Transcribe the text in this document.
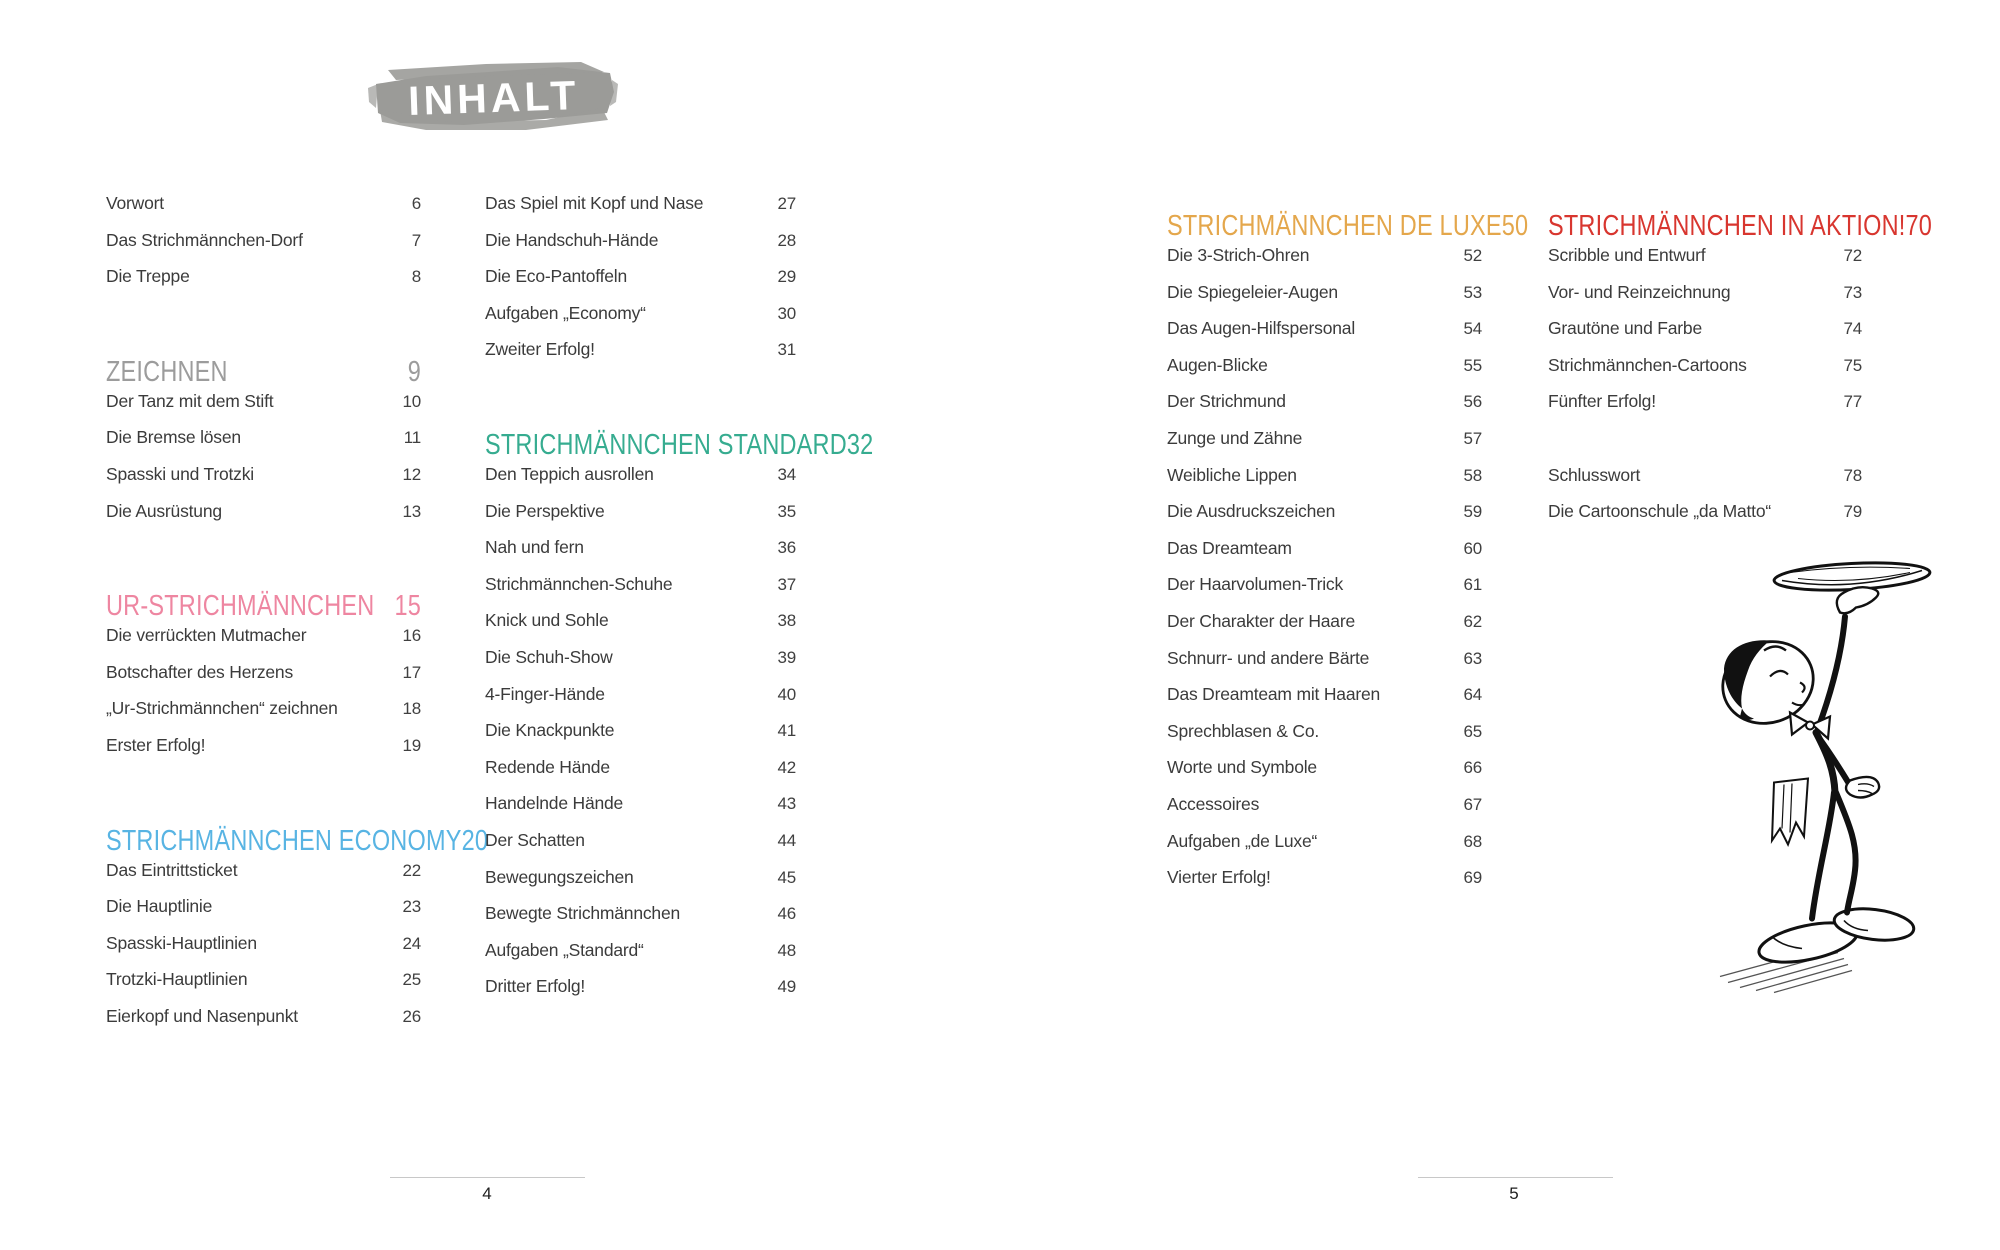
INHALT
Vorwort	6
Das Strichmännchen-Dorf	7
Die Treppe	8
ZEICHNEN	9
Der Tanz mit dem Stift	10
Die Bremse lösen	11
Spasski und Trotzki	12
Die Ausrüstung	13
UR-STRICHMÄNNCHEN 15
Die verrückten Mutmacher	16
Botschafter des Herzens	17
„Ur-Strichmännchen“ zeichnen	18
Erster Erfolg!	19
STRICHMÄNNCHEN ECONOMY 20
Das Eintrittsticket	22
Die Hauptlinie	23
Spasski-Hauptlinien	24
Trotzki-Hauptlinien	25
Eierkopf und Nasenpunkt	26
Das Spiel mit Kopf und Nase	27
Die Handschuh-Hände	28
Die Eco-Pantoffeln	29
Aufgaben „Economy“	30
Zweiter Erfolg!	31
STRICHMÄNNCHEN STANDARD 32
Den Teppich ausrollen	34
Die Perspektive	35
Nah und fern	36
Strichmännchen-Schuhe	37
Knick und Sohle	38
Die Schuh-Show	39
4-Finger-Hände	40
Die Knackpunkte	41
Redende Hände	42
Handelnde Hände	43
Der Schatten	44
Bewegungszeichen	45
Bewegte Strichmännchen	46
Aufgaben „Standard“	48
Dritter Erfolg!	49
STRICHMÄNNCHEN DE LUXE 50
Die 3-Strich-Ohren	52
Die Spiegeleier-Augen	53
Das Augen-Hilfspersonal	54
Augen-Blicke	55
Der Strichmund	56
Zunge und Zähne	57
Weibliche Lippen	58
Die Ausdruckszeichen	59
Das Dreamteam	60
Der Haarvolumen-Trick	61
Der Charakter der Haare	62
Schnurr- und andere Bärte	63
Das Dreamteam mit Haaren	64
Sprechblasen & Co.	65
Worte und Symbole	66
Accessoires	67
Aufgaben „de Luxe“	68
Vierter Erfolg!	69
STRICHMÄNNCHEN IN AKTION! 70
Scribble und Entwurf	72
Vor- und Reinzeichnung	73
Grautöne und Farbe	74
Strichmännchen-Cartoons	75
Fünfter Erfolg!	77
Schlusswort	78
Die Cartoonschule „da Matto“	79
4	5
